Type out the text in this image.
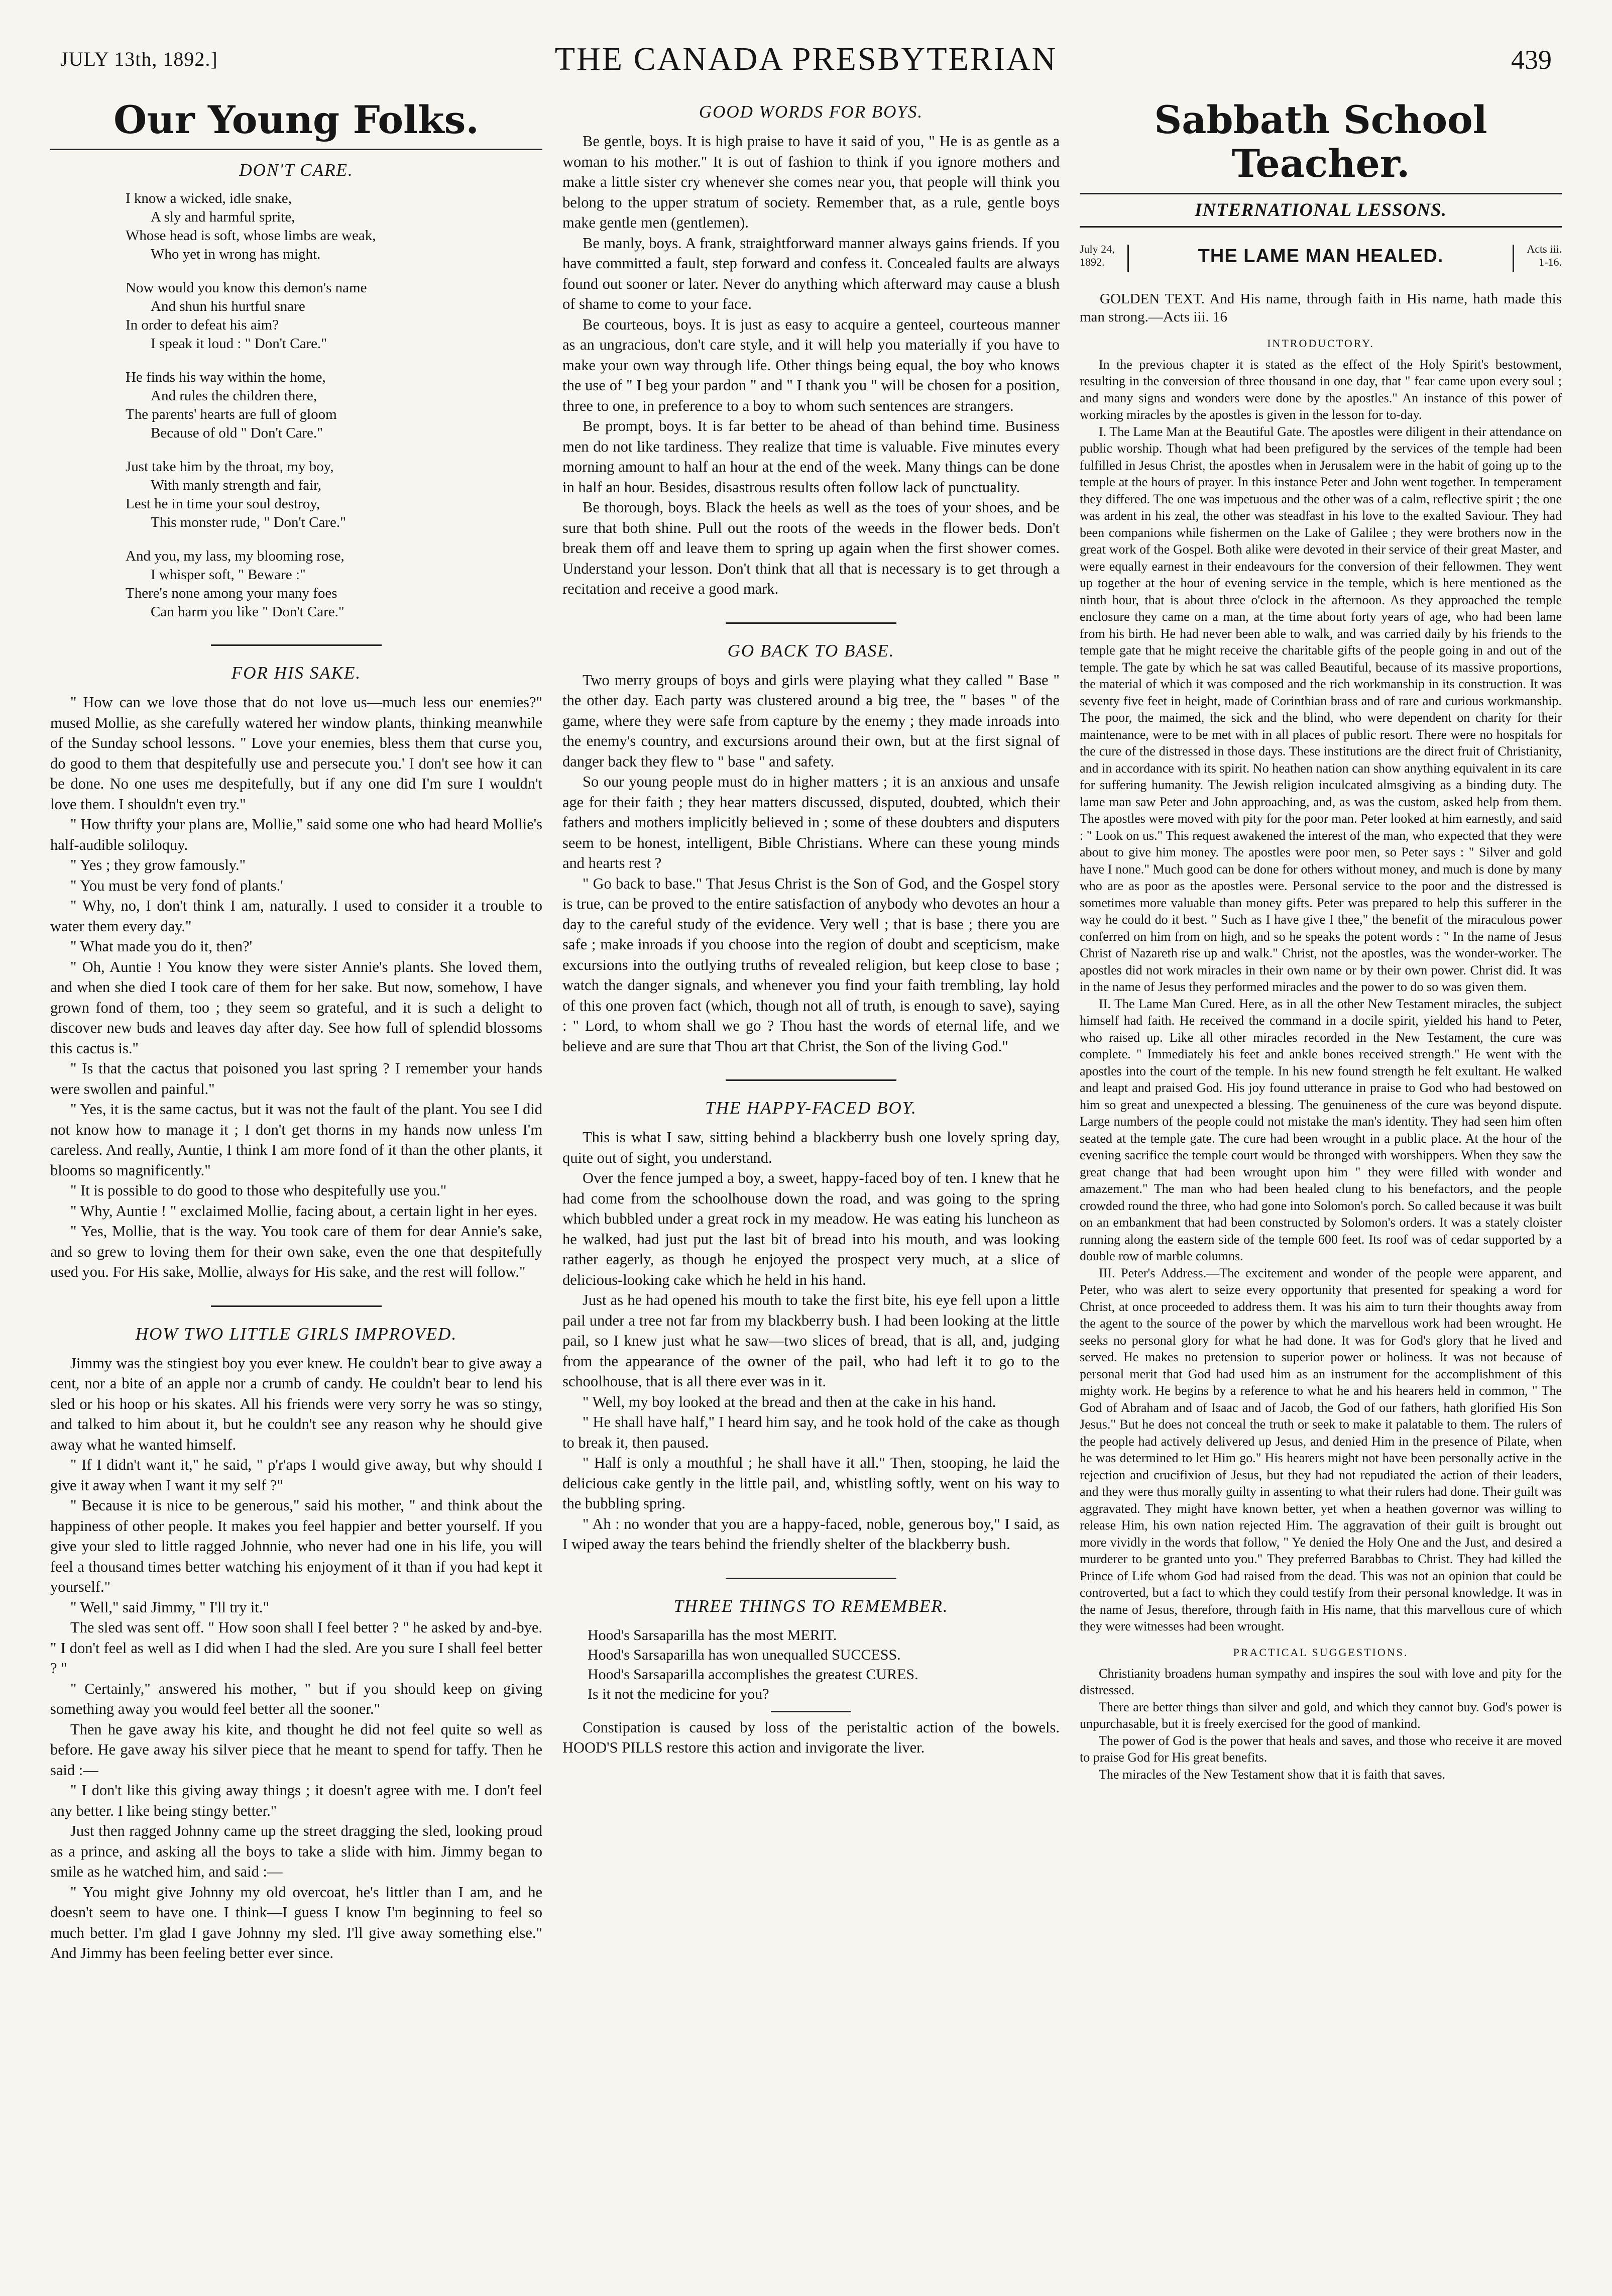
JULY 13th, 1892.]	THE CANADA PRESBYTERIAN	439
Our Young Folks.
DON'T CARE.
I know a wicked, idle snake,
A sly and harmful sprite,
Whose head is soft, whose limbs are weak,
Who yet in wrong has might.
Now would you know this demon's name
And shun his hurtful snare
In order to defeat his aim?
I speak it loud : " Don't Care."
He finds his way within the home,
And rules the children there,
The parents' hearts are full of gloom
Because of old " Don't Care."
Just take him by the throat, my boy,
With manly strength and fair,
Lest he in time your soul destroy,
This monster rude, " Don't Care."
And you, my lass, my blooming rose,
I whisper soft, " Beware :"
There's none among your many foes
Can harm you like " Don't Care."
FOR HIS SAKE.

" How can we love those that do not love us—much less our enemies?" mused Mollie, as she carefully watered her window plants, thinking meanwhile of the Sunday school lessons. " Love your enemies, bless them that curse you, do good to them that despitefully use and persecute you.' I don't see how it can be done. No one uses me despitefully, but if any one did I'm sure I wouldn't love them. I shouldn't even try."

" How thrifty your plans are, Mollie," said some one who had heard Mollie's half-audible soliloquy.

" Yes ; they grow famously."

" You must be very fond of plants.'

" Why, no, I don't think I am, naturally. I used to consider it a trouble to water them every day."

" What made you do it, then?'

" Oh, Auntie ! You know they were sister Annie's plants. She loved them, and when she died I took care of them for her sake. But now, somehow, I have grown fond of them, too ; they seem so grateful, and it is such a delight to discover new buds and leaves day after day. See how full of splendid blossoms this cactus is."

" Is that the cactus that poisoned you last spring ? I remember your hands were swollen and painful."

" Yes, it is the same cactus, but it was not the fault of the plant. You see I did not know how to manage it ; I don't get thorns in my hands now unless I'm careless. And really, Auntie, I think I am more fond of it than the other plants, it blooms so magnificently."

" It is possible to do good to those who despitefully use you."

" Why, Auntie ! " exclaimed Mollie, facing about, a certain light in her eyes.

" Yes, Mollie, that is the way. You took care of them for dear Annie's sake, and so grew to loving them for their own sake, even the one that despitefully used you. For His sake, Mollie, always for His sake, and the rest will follow."

HOW TWO LITTLE GIRLS IMPROVED.

Jimmy was the stingiest boy you ever knew. He couldn't bear to give away a cent, nor a bite of an apple nor a crumb of candy. He couldn't bear to lend his sled or his hoop or his skates. All his friends were very sorry he was so stingy, and talked to him about it, but he couldn't see any reason why he should give away what he wanted himself.

" If I didn't want it," he said, " p'r'aps I would give away, but why should I give it away when I want it my self ?"

" Because it is nice to be generous," said his mother, " and think about the happiness of other people. It makes you feel happier and better yourself. If you give your sled to little ragged Johnnie, who never had one in his life, you will feel a thousand times better watching his enjoyment of it than if you had kept it yourself."

" Well," said Jimmy, " I'll try it."

The sled was sent off. " How soon shall I feel better ? " he asked by and-bye. " I don't feel as well as I did when I had the sled. Are you sure I shall feel better ? "

" Certainly," answered his mother, " but if you should keep on giving something away you would feel better all the sooner."

Then he gave away his kite, and thought he did not feel quite so well as before. He gave away his silver piece that he meant to spend for taffy. Then he said :—

" I don't like this giving away things ; it doesn't agree with me. I don't feel any better. I like being stingy better."

Just then ragged Johnny came up the street dragging the sled, looking proud as a prince, and asking all the boys to take a slide with him. Jimmy began to smile as he watched him, and said :—

" You might give Johnny my old overcoat, he's littler than I am, and he doesn't seem to have one. I think—I guess I know I'm beginning to feel so much better. I'm glad I gave Johnny my sled. I'll give away something else." And Jimmy has been feeling better ever since.

GOOD WORDS FOR BOYS.

Be gentle, boys. It is high praise to have it said of you, " He is as gentle as a woman to his mother." It is out of fashion to think if you ignore mothers and make a little sister cry whenever she comes near you, that people will think you belong to the upper stratum of society. Remember that, as a rule, gentle boys make gentle men (gentlemen).

Be manly, boys. A frank, straightforward manner always gains friends. If you have committed a fault, step forward and confess it. Concealed faults are always found out sooner or later. Never do anything which afterward may cause a blush of shame to come to your face.

Be courteous, boys. It is just as easy to acquire a genteel, courteous manner as an ungracious, don't care style, and it will help you materially if you have to make your own way through life. Other things being equal, the boy who knows the use of " I beg your pardon " and " I thank you " will be chosen for a position, three to one, in preference to a boy to whom such sentences are strangers.

Be prompt, boys. It is far better to be ahead of than behind time. Business men do not like tardiness. They realize that time is valuable. Five minutes every morning amount to half an hour at the end of the week. Many things can be done in half an hour. Besides, disastrous results often follow lack of punctuality.

Be thorough, boys. Black the heels as well as the toes of your shoes, and be sure that both shine. Pull out the roots of the weeds in the flower beds. Don't break them off and leave them to spring up again when the first shower comes. Understand your lesson. Don't think that all that is necessary is to get through a recitation and receive a good mark.

GO BACK TO BASE.

Two merry groups of boys and girls were playing what they called " Base " the other day. Each party was clustered around a big tree, the " bases " of the game, where they were safe from capture by the enemy ; they made inroads into the enemy's country, and excursions around their own, but at the first signal of danger back they flew to " base " and safety.

So our young people must do in higher matters ; it is an anxious and unsafe age for their faith ; they hear matters discussed, disputed, doubted, which their fathers and mothers implicitly believed in ; some of these doubters and disputers seem to be honest, intelligent, Bible Christians. Where can these young minds and hearts rest ?

" Go back to base." That Jesus Christ is the Son of God, and the Gospel story is true, can be proved to the entire satisfaction of anybody who devotes an hour a day to the careful study of the evidence. Very well ; that is base ; there you are safe ; make inroads if you choose into the region of doubt and scepticism, make excursions into the outlying truths of revealed religion, but keep close to base ; watch the danger signals, and whenever you find your faith trembling, lay hold of this one proven fact (which, though not all of truth, is enough to save), saying : " Lord, to whom shall we go ? Thou hast the words of eternal life, and we believe and are sure that Thou art that Christ, the Son of the living God."

THE HAPPY-FACED BOY.

This is what I saw, sitting behind a blackberry bush one lovely spring day, quite out of sight, you understand.

Over the fence jumped a boy, a sweet, happy-faced boy of ten. I knew that he had come from the schoolhouse down the road, and was going to the spring which bubbled under a great rock in my meadow. He was eating his luncheon as he walked, had just put the last bit of bread into his mouth, and was looking rather eagerly, as though he enjoyed the prospect very much, at a slice of delicious-looking cake which he held in his hand.

Just as he had opened his mouth to take the first bite, his eye fell upon a little pail under a tree not far from my blackberry bush. I had been looking at the little pail, so I knew just what he saw—two slices of bread, that is all, and, judging from the appearance of the owner of the pail, who had left it to go to the schoolhouse, that is all there ever was in it.

" Well, my boy looked at the bread and then at the cake in his hand.

" He shall have half," I heard him say, and he took hold of the cake as though to break it, then paused.

" Half is only a mouthful ; he shall have it all." Then, stooping, he laid the delicious cake gently in the little pail, and, whistling softly, went on his way to the bubbling spring.

" Ah : no wonder that you are a happy-faced, noble, generous boy," I said, as I wiped away the tears behind the friendly shelter of the blackberry bush.

THREE THINGS TO REMEMBER.
Hood's Sarsaparilla has the most MERIT.
Hood's Sarsaparilla has won unequalled SUCCESS.
Hood's Sarsaparilla accomplishes the greatest CURES.
Is it not the medicine for you?

Constipation is caused by loss of the peristaltic action of the bowels. HOOD'S PILLS restore this action and invigorate the liver.

Sabbath School Teacher.
INTERNATIONAL LESSONS.
July 24,
1892.	THE LAME MAN HEALED.	Acts iii.
1-16.

GOLDEN TEXT. And His name, through faith in His name, hath made this man strong.—Acts iii. 16

INTRODUCTORY.

In the previous chapter it is stated as the effect of the Holy Spirit's bestowment, resulting in the conversion of three thousand in one day, that " fear came upon every soul ; and many signs and wonders were done by the apostles." An instance of this power of working miracles by the apostles is given in the lesson for to-day.

I. The Lame Man at the Beautiful Gate. The apostles were diligent in their attendance on public worship. Though what had been prefigured by the services of the temple had been fulfilled in Jesus Christ, the apostles when in Jerusalem were in the habit of going up to the temple at the hours of prayer. In this instance Peter and John went together. In temperament they differed. The one was impetuous and the other was of a calm, reflective spirit ; the one was ardent in his zeal, the other was steadfast in his love to the exalted Saviour. They had been companions while fishermen on the Lake of Galilee ; they were brothers now in the great work of the Gospel. Both alike were devoted in their service of their great Master, and were equally earnest in their endeavours for the conversion of their fellowmen. They went up together at the hour of evening service in the temple, which is here mentioned as the ninth hour, that is about three o'clock in the afternoon. As they approached the temple enclosure they came on a man, at the time about forty years of age, who had been lame from his birth. He had never been able to walk, and was carried daily by his friends to the temple gate that he might receive the charitable gifts of the people going in and out of the temple. The gate by which he sat was called Beautiful, because of its massive proportions, the material of which it was composed and the rich workmanship in its construction. It was seventy five feet in height, made of Corinthian brass and of rare and curious workmanship. The poor, the maimed, the sick and the blind, who were dependent on charity for their maintenance, were to be met with in all places of public resort. There were no hospitals for the cure of the distressed in those days. These institutions are the direct fruit of Christianity, and in accordance with its spirit. No heathen nation can show anything equivalent in its care for suffering humanity. The Jewish religion inculcated almsgiving as a binding duty. The lame man saw Peter and John approaching, and, as was the custom, asked help from them. The apostles were moved with pity for the poor man. Peter looked at him earnestly, and said : " Look on us." This request awakened the interest of the man, who expected that they were about to give him money. The apostles were poor men, so Peter says : " Silver and gold have I none." Much good can be done for others without money, and much is done by many who are as poor as the apostles were. Personal service to the poor and the distressed is sometimes more valuable than money gifts. Peter was prepared to help this sufferer in the way he could do it best. " Such as I have give I thee," the benefit of the miraculous power conferred on him from on high, and so he speaks the potent words : " In the name of Jesus Christ of Nazareth rise up and walk." Christ, not the apostles, was the wonder-worker. The apostles did not work miracles in their own name or by their own power. Christ did. It was in the name of Jesus they performed miracles and the power to do so was given them.

II. The Lame Man Cured. Here, as in all the other New Testament miracles, the subject himself had faith. He received the command in a docile spirit, yielded his hand to Peter, who raised up. Like all other miracles recorded in the New Testament, the cure was complete. " Immediately his feet and ankle bones received strength." He went with the apostles into the court of the temple. In his new found strength he felt exultant. He walked and leapt and praised God. His joy found utterance in praise to God who had bestowed on him so great and unexpected a blessing. The genuineness of the cure was beyond dispute. Large numbers of the people could not mistake the man's identity. They had seen him often seated at the temple gate. The cure had been wrought in a public place. At the hour of the evening sacrifice the temple court would be thronged with worshippers. When they saw the great change that had been wrought upon him " they were filled with wonder and amazement." The man who had been healed clung to his benefactors, and the people crowded round the three, who had gone into Solomon's porch. So called because it was built on an embankment that had been constructed by Solomon's orders. It was a stately cloister running along the eastern side of the temple 600 feet. Its roof was of cedar supported by a double row of marble columns.

III. Peter's Address.—The excitement and wonder of the people were apparent, and Peter, who was alert to seize every opportunity that presented for speaking a word for Christ, at once proceeded to address them. It was his aim to turn their thoughts away from the agent to the source of the power by which the marvellous work had been wrought. He seeks no personal glory for what he had done. It was for God's glory that he lived and served. He makes no pretension to superior power or holiness. It was not because of personal merit that God had used him as an instrument for the accomplishment of this mighty work. He begins by a reference to what he and his hearers held in common, " The God of Abraham and of Isaac and of Jacob, the God of our fathers, hath glorified His Son Jesus." But he does not conceal the truth or seek to make it palatable to them. The rulers of the people had actively delivered up Jesus, and denied Him in the presence of Pilate, when he was determined to let Him go." His hearers might not have been personally active in the rejection and crucifixion of Jesus, but they had not repudiated the action of their leaders, and they were thus morally guilty in assenting to what their rulers had done. Their guilt was aggravated. They might have known better, yet when a heathen governor was willing to release Him, his own nation rejected Him. The aggravation of their guilt is brought out more vividly in the words that follow, " Ye denied the Holy One and the Just, and desired a murderer to be granted unto you." They preferred Barabbas to Christ. They had killed the Prince of Life whom God had raised from the dead. This was not an opinion that could be controverted, but a fact to which they could testify from their personal knowledge. It was in the name of Jesus, therefore, through faith in His name, that this marvellous cure of which they were witnesses had been wrought.

PRACTICAL SUGGESTIONS.

Christianity broadens human sympathy and inspires the soul with love and pity for the distressed.

There are better things than silver and gold, and which they cannot buy. God's power is unpurchasable, but it is freely exercised for the good of mankind.

The power of God is the power that heals and saves, and those who receive it are moved to praise God for His great benefits.

The miracles of the New Testament show that it is faith that saves.
